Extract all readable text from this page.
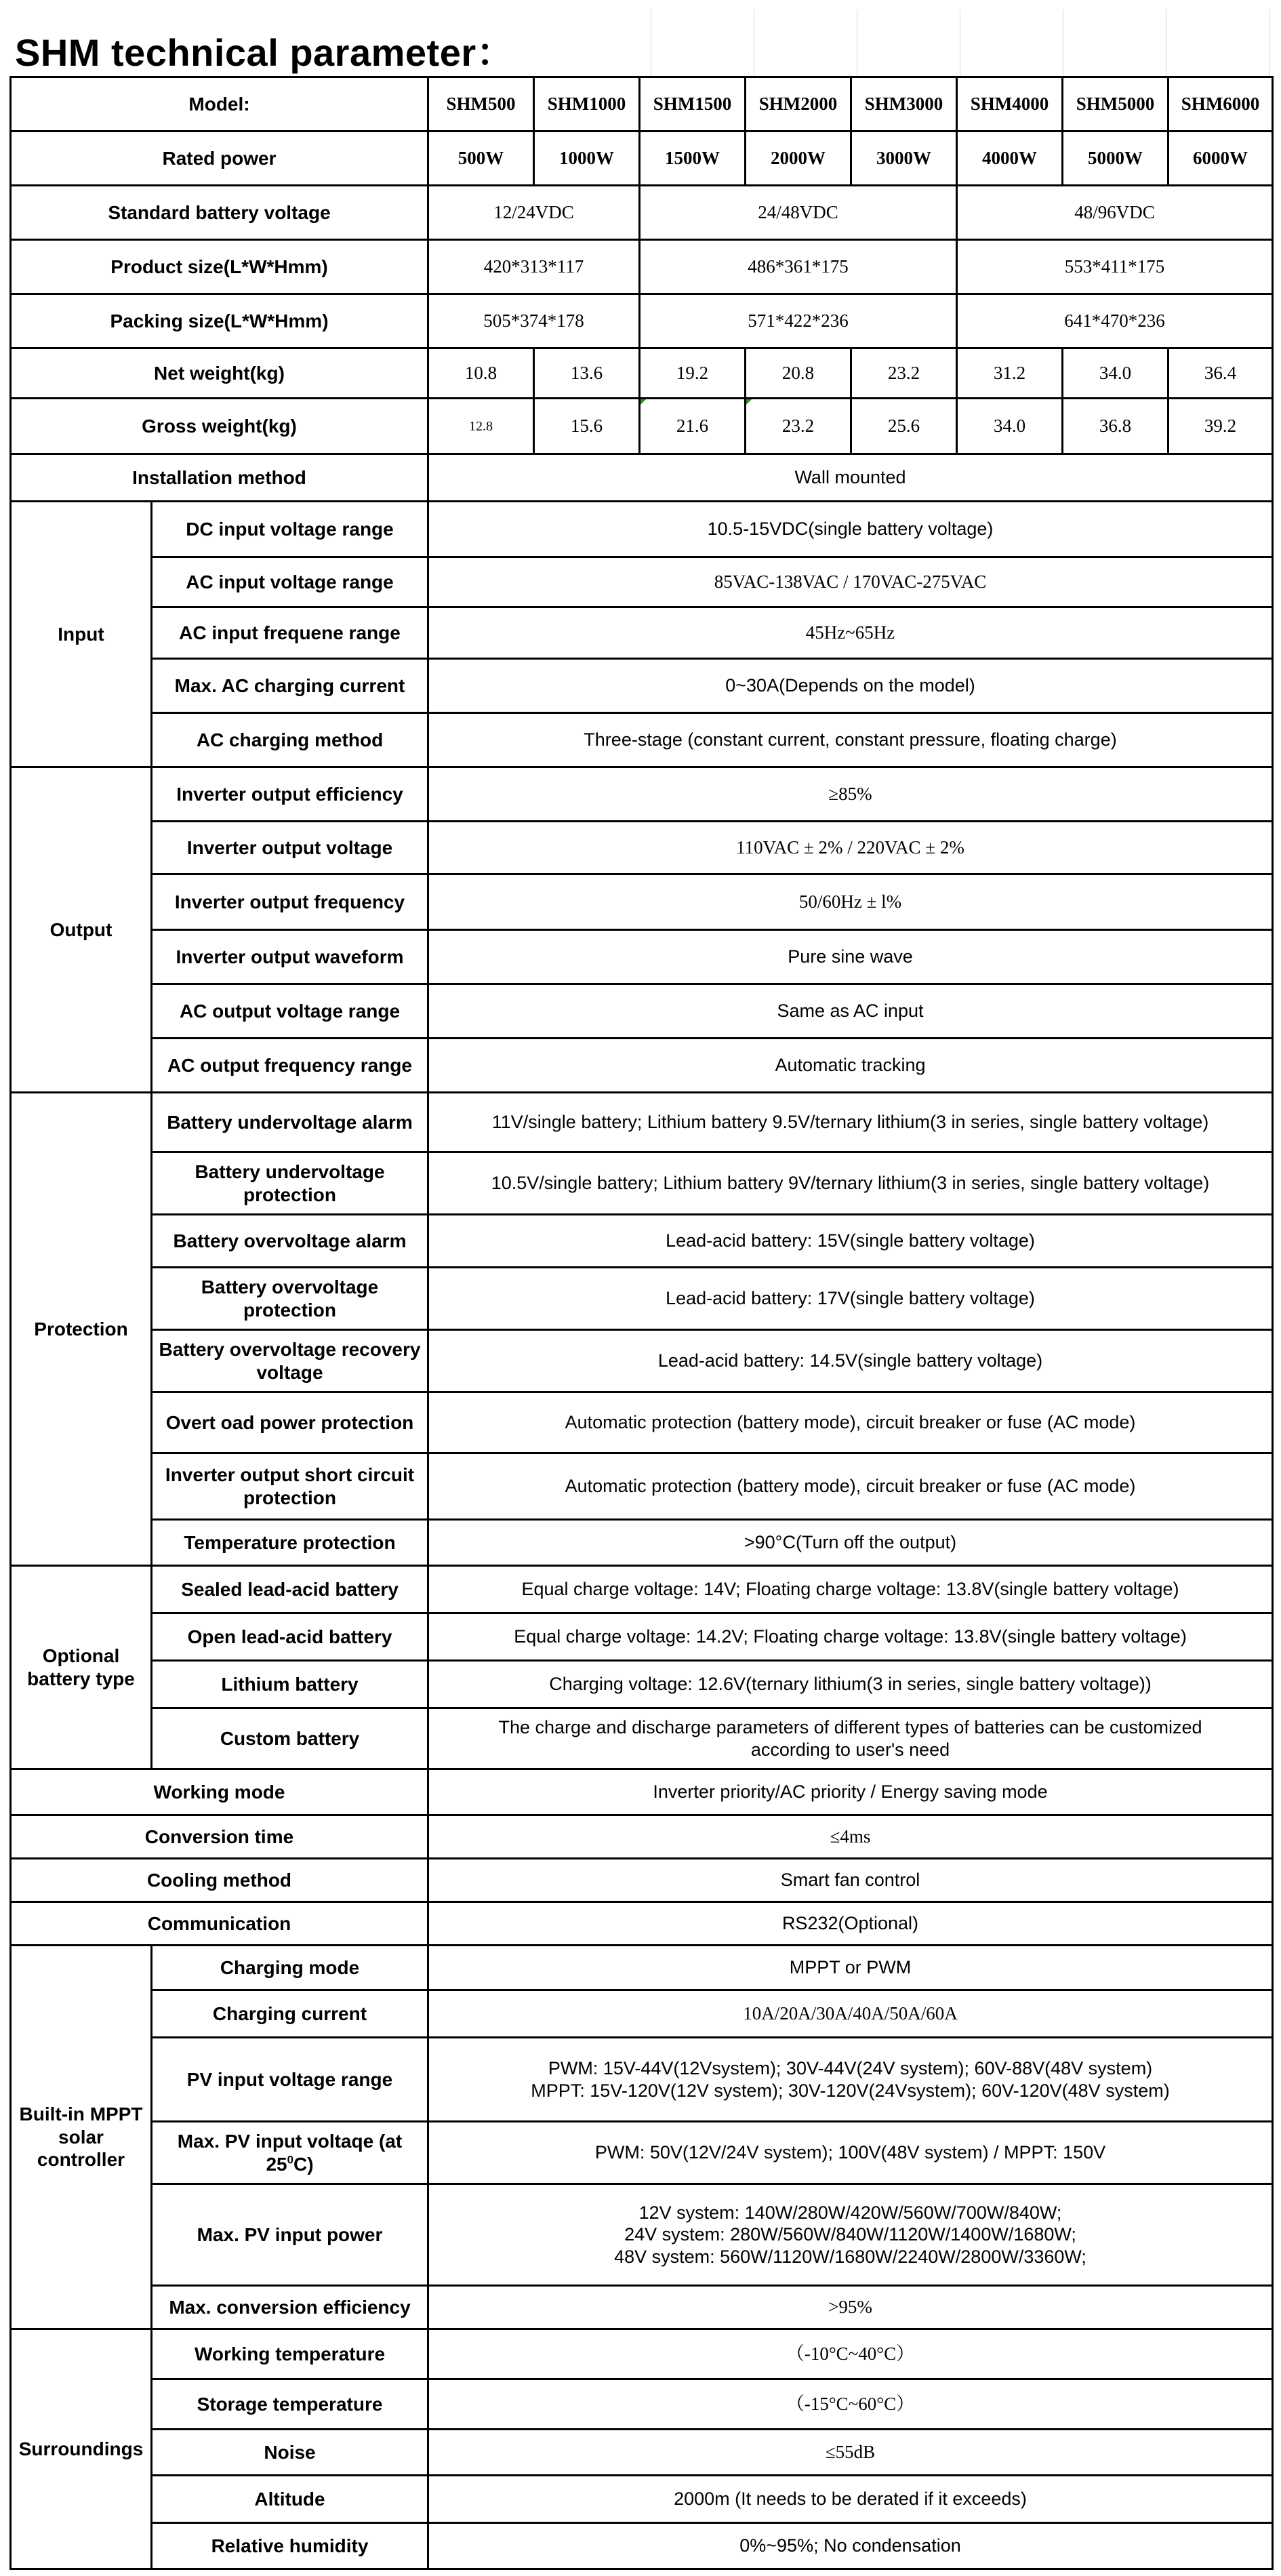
SHM technical parameter：
Model:		SHM500	SHM1000	SHM1500	SHM2000	SHM3000	SHM4000	SHM5000	SHM6000
Rated power		500W	1000W	1500W	2000W	3000W	4000W	5000W	6000W
Standard battery voltage		12/24VDC		24/48VDC			48/96VDC		
Product size(L*W*Hmm)		420*313*117		486*361*175			553*411*175		
Packing size(L*W*Hmm)		505*374*178		571*422*236			641*470*236		
Net weight(kg)		10.8	13.6	19.2	20.8	23.2	31.2	34.0	36.4
Gross weight(kg)		12.8	15.6	21.6	23.2	25.6	34.0	36.8	39.2
Installation method		Wall mounted							
Input	DC input voltage range	10.5-15VDC(single battery voltage)							
	AC input voltage range	85VAC-138VAC / 170VAC-275VAC							
	AC input frequene range	45Hz~65Hz							
	Max. AC charging current	0~30A(Depends on the model)							
	AC charging method	Three-stage (constant current, constant pressure, floating charge)							
Output	Inverter output efficiency	≥85%							
	Inverter output voltage	110VAC ± 2% / 220VAC ± 2%							
	Inverter output frequency	50/60Hz ± l%							
	Inverter output waveform	Pure sine wave							
	AC output voltage range	Same as AC input							
	AC output frequency range	Automatic tracking							
Protection	Battery undervoltage alarm	11V/single battery; Lithium battery 9.5V/ternary lithium(3 in series, single battery voltage)							
	Battery undervoltage protection	10.5V/single battery; Lithium battery 9V/ternary lithium(3 in series, single battery voltage)							
	Battery overvoltage alarm	Lead-acid battery: 15V(single battery voltage)							
	Battery overvoltage protection	Lead-acid battery: 17V(single battery voltage)							
	Battery overvoltage recovery voltage	Lead-acid battery: 14.5V(single battery voltage)							
	Overt oad power protection	Automatic protection (battery mode), circuit breaker or fuse (AC mode)							
	Inverter output short circuit protection	Automatic protection (battery mode), circuit breaker or fuse (AC mode)							
	Temperature protection	>90°C(Turn off the output)							
Optional battery type	Sealed lead-acid battery	Equal charge voltage: 14V; Floating charge voltage: 13.8V(single battery voltage)							
	Open lead-acid battery	Equal charge voltage: 14.2V; Floating charge voltage: 13.8V(single battery voltage)							
	Lithium battery	Charging voltage: 12.6V(ternary lithium(3 in series, single battery voltage))							
	Custom battery	The charge and discharge parameters of different types of batteries can be customized according to user's need							
Working mode		Inverter priority/AC priority / Energy saving mode							
Conversion time		≤4ms							
Cooling method		Smart fan control							
Communication		RS232(Optional)							
Built-in MPPT solar controller	Charging mode	MPPT or PWM							
	Charging current	10A/20A/30A/40A/50A/60A							
	PV input voltage range	PWM: 15V-44V(12Vsystem); 30V-44V(24V system); 60V-88V(48V system)
MPPT: 15V-120V(12V system); 30V-120V(24Vsystem); 60V-120V(48V system)							

	Max. PV input voltaqe (at $25^0C$)	PWM: 50V(12V/24V system); 100V(48V system) / MPPT: 150V							
	Max. PV input power	12V system: 140W/280W/420W/560W/700W/840W;
24V system: 280W/560W/840W/1120W/1400W/1680W;
48V system: 560W/1120W/1680W/2240W/2800W/3360W;							

	Max. conversion efficiency	>95%							
Surroundings	Working temperature	（-10°C~40°C）							
	Storage temperature	（-15°C~60°C）							
	Noise	≤55dB							
	Altitude	2000m (It needs to be derated if it exceeds)							
	Relative humidity	0%~95%; No condensation							
